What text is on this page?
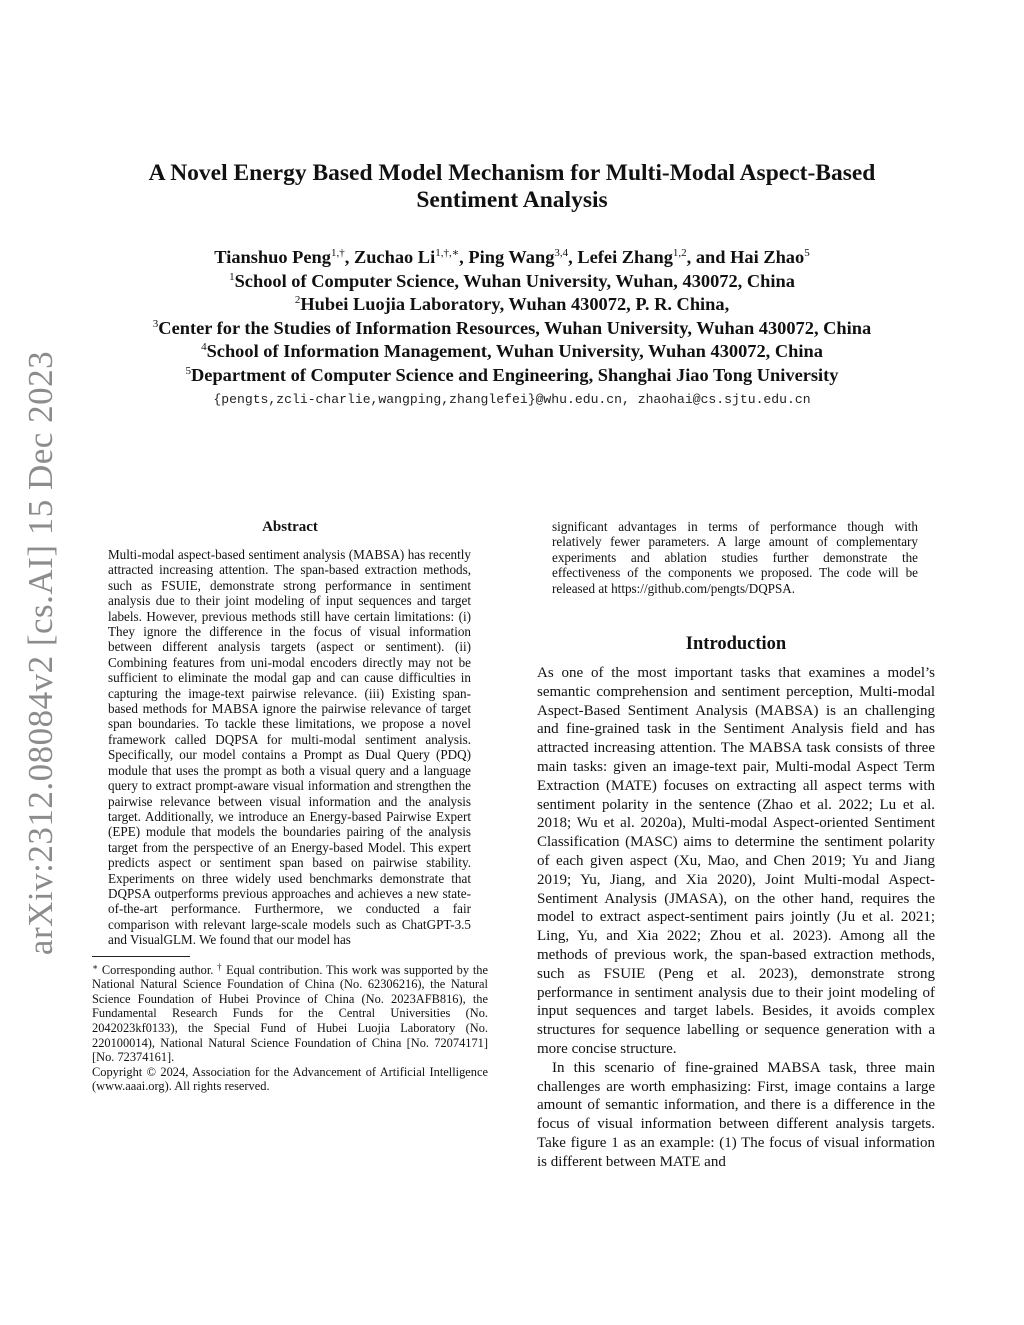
arXiv:2312.08084v2 [cs.AI] 15 Dec 2023
A Novel Energy Based Model Mechanism for Multi-Modal Aspect-Based
Sentiment Analysis
Tianshuo Peng$^{1,\dagger}$, Zuchao $Li^{1,\dagger,∗}$, Ping Wang$^{3,4}$, Lefei Zhang$^{1,2}$, and Hai Zhao$^5$
$^1$School of Computer Science, Wuhan University, Wuhan, 430072, China
$^2$Hubei Luojia Laboratory, Wuhan 430072, P. R. China,
$^3$Center for the Studies of Information Resources, Wuhan University, Wuhan 430072, China
$^4$School of Information Management, Wuhan University, Wuhan 430072, China
$^5$Department of Computer Science and Engineering, Shanghai Jiao Tong University
{pengts,zcli-charlie,wangping,zhanglefei}@whu.edu.cn, zhaohai@cs.sjtu.edu.cn
Abstract

Multi-modal aspect-based sentiment analysis (MABSA) has recently attracted increasing attention. The span-based extraction methods, such as FSUIE, demonstrate strong performance in sentiment analysis due to their joint modeling of input sequences and target labels. However, previous methods still have certain limitations: (i) They ignore the difference in the focus of visual information between different analysis targets (aspect or sentiment). (ii) Combining features from uni-modal encoders directly may not be sufficient to eliminate the modal gap and can cause difficulties in capturing the image-text pairwise relevance. (iii) Existing span-based methods for MABSA ignore the pairwise relevance of target span boundaries. To tackle these limitations, we propose a novel framework called DQPSA for multi-modal sentiment analysis. Specifically, our model contains a Prompt as Dual Query (PDQ) module that uses the prompt as both a visual query and a language query to extract prompt-aware visual information and strengthen the pairwise relevance between visual information and the analysis target. Additionally, we introduce an Energy-based Pairwise Expert (EPE) module that models the boundaries pairing of the analysis target from the perspective of an Energy-based Model. This expert predicts aspect or sentiment span based on pairwise stability. Experiments on three widely used benchmarks demonstrate that DQPSA outperforms previous approaches and achieves a new state-of-the-art performance. Furthermore, we conducted a fair comparison with relevant large-scale models such as ChatGPT-3.5 and VisualGLM. We found that our model has

∗ Corresponding author. † Equal contribution. This work was supported by the National Natural Science Foundation of China (No. 62306216), the Natural Science Foundation of Hubei Province of China (No. 2023AFB816), the Fundamental Research Funds for the Central Universities (No. 2042023kf0133), the Special Fund of Hubei Luojia Laboratory (No. 220100014), National Natural Science Foundation of China [No. 72074171] [No. 72374161].

Copyright © 2024, Association for the Advancement of Artificial Intelligence (www.aaai.org). All rights reserved.

significant advantages in terms of performance though with relatively fewer parameters. A large amount of complementary experiments and ablation studies further demonstrate the effectiveness of the components we proposed. The code will be released at https://github.com/pengts/DQPSA.

Introduction

As one of the most important tasks that examines a model’s semantic comprehension and sentiment perception, Multi-modal Aspect-Based Sentiment Analysis (MABSA) is an challenging and fine-grained task in the Sentiment Analysis field and has attracted increasing attention. The MABSA task consists of three main tasks: given an image-text pair, Multi-modal Aspect Term Extraction (MATE) focuses on extracting all aspect terms with sentiment polarity in the sentence (Zhao et al. 2022; Lu et al. 2018; Wu et al. 2020a), Multi-modal Aspect-oriented Sentiment Classification (MASC) aims to determine the sentiment polarity of each given aspect (Xu, Mao, and Chen 2019; Yu and Jiang 2019; Yu, Jiang, and Xia 2020), Joint Multi-modal Aspect-Sentiment Analysis (JMASA), on the other hand, requires the model to extract aspect-sentiment pairs jointly (Ju et al. 2021; Ling, Yu, and Xia 2022; Zhou et al. 2023). Among all the methods of previous work, the span-based extraction methods, such as FSUIE (Peng et al. 2023), demonstrate strong performance in sentiment analysis due to their joint modeling of input sequences and target labels. Besides, it avoids complex structures for sequence labelling or sequence generation with a more concise structure.

In this scenario of fine-grained MABSA task, three main challenges are worth emphasizing: First, image contains a large amount of semantic information, and there is a difference in the focus of visual information between different analysis targets. Take figure 1 as an example: (1) The focus of visual information is different between MATE and
